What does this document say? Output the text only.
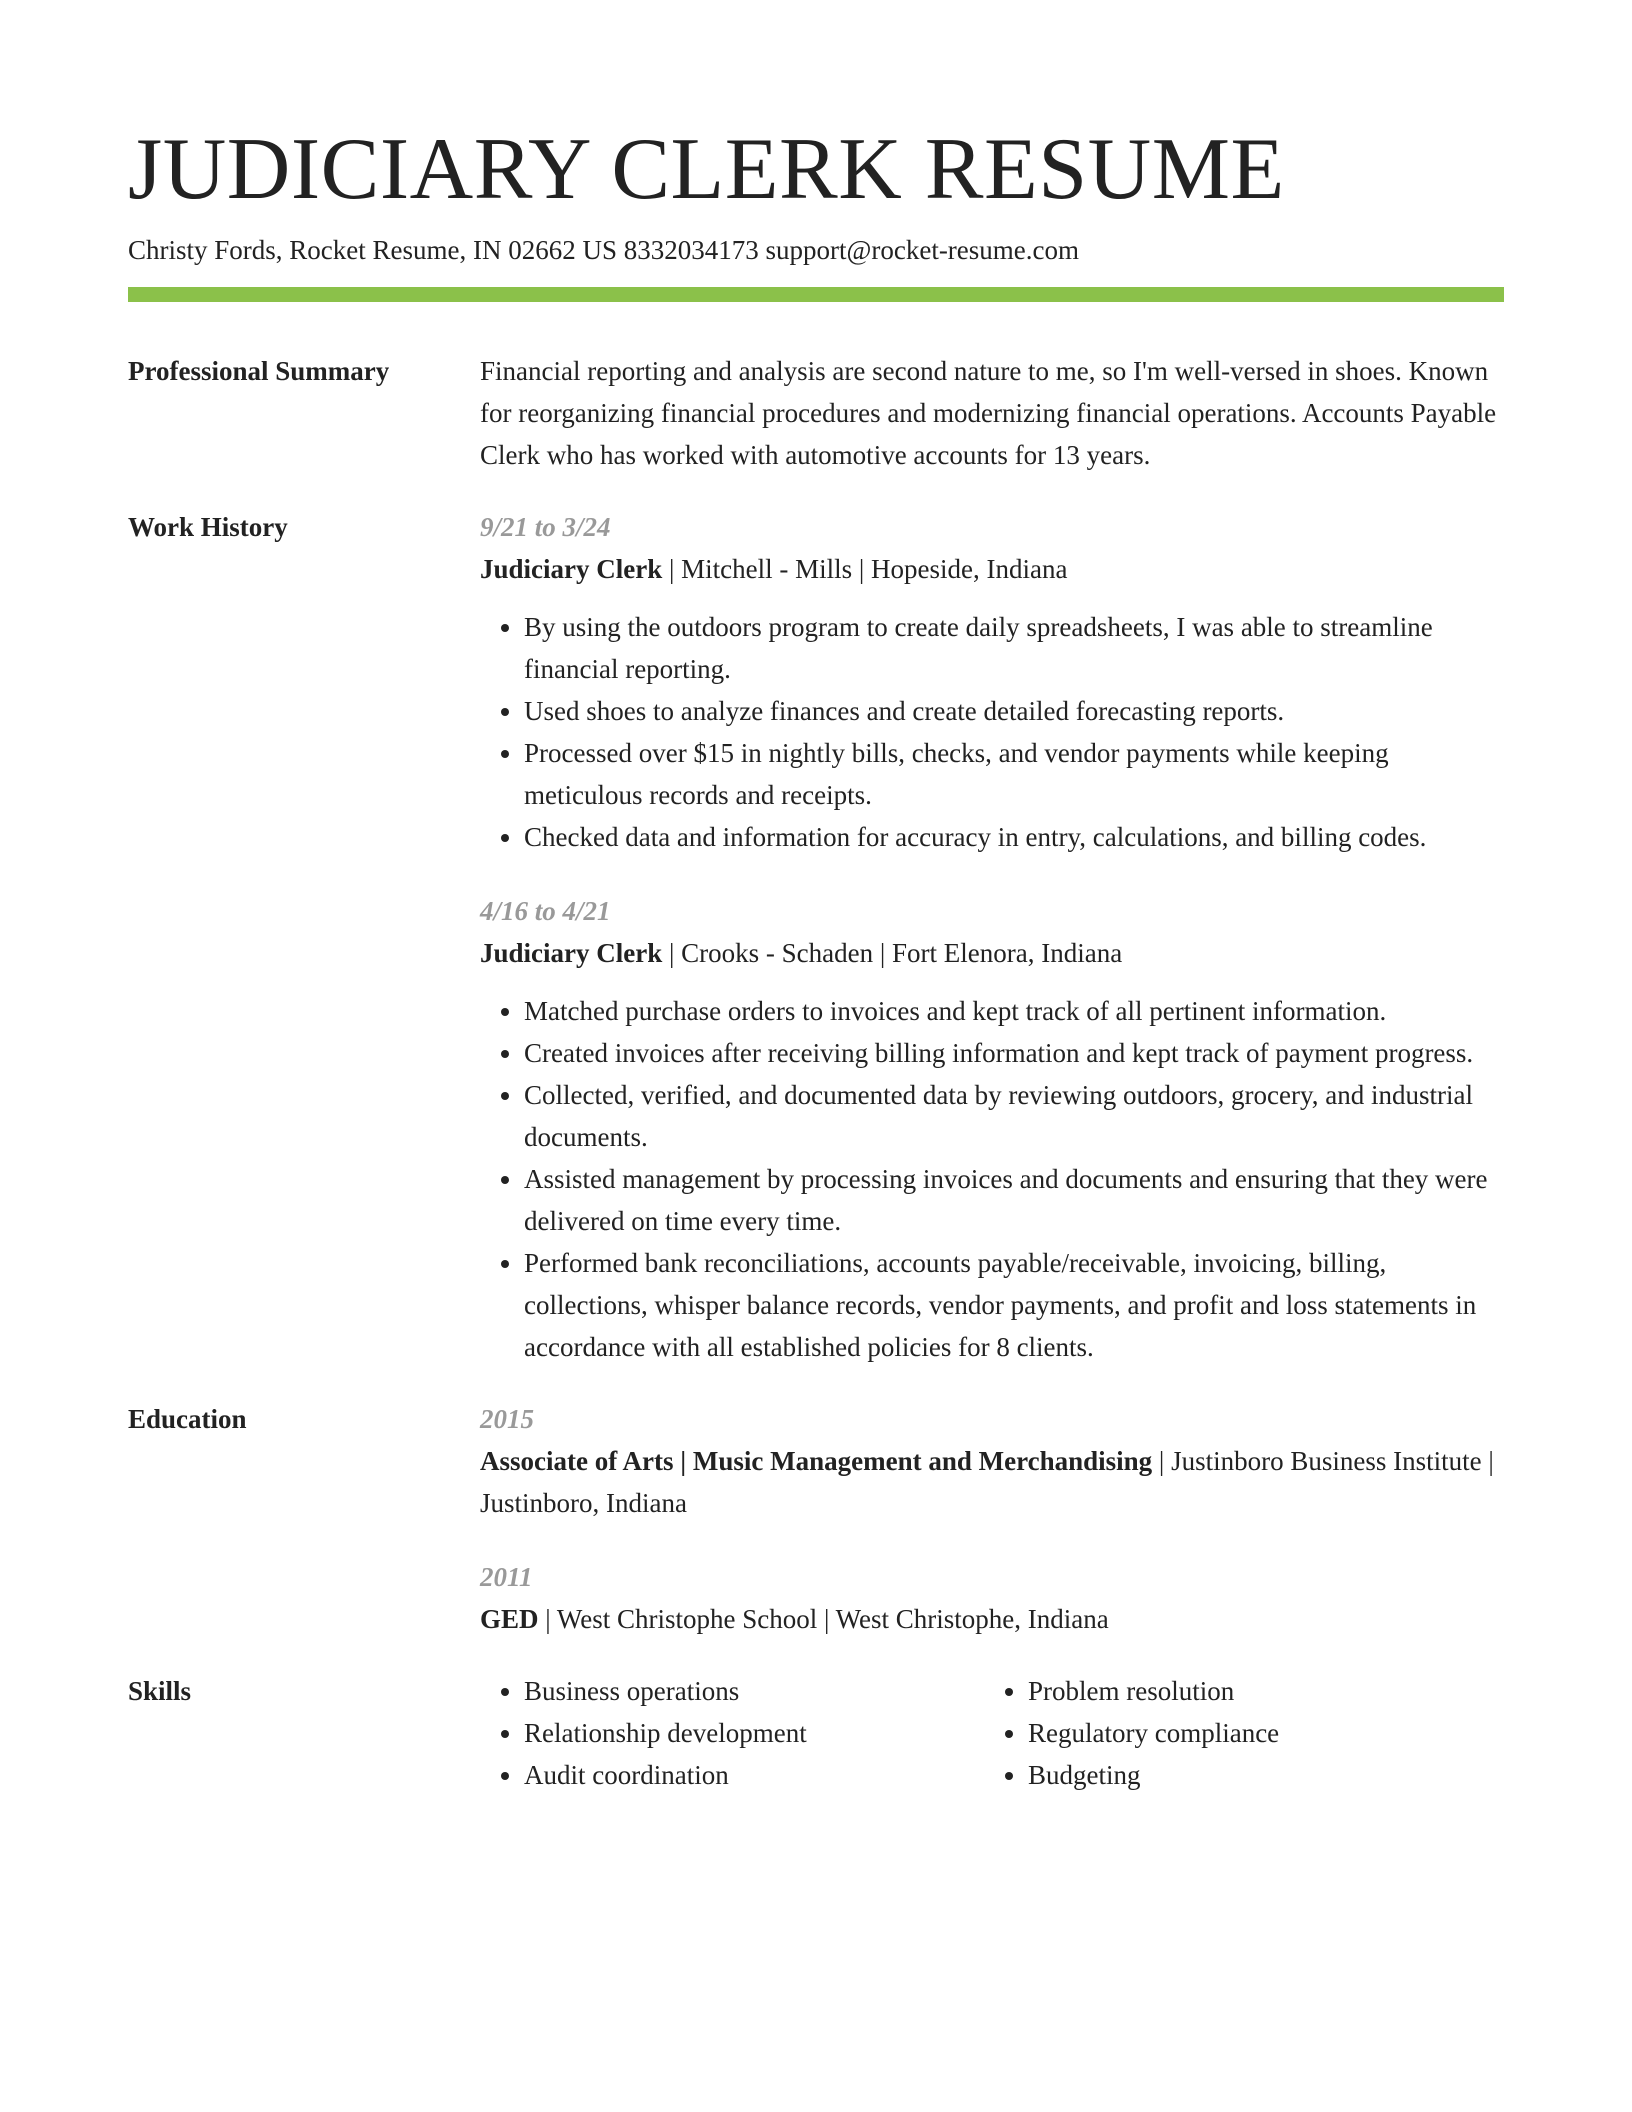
JUDICIARY CLERK RESUME
Christy Fords, Rocket Resume, IN 02662 US 8332034173 support@rocket-resume.com
Professional Summary	Financial reporting and analysis are second nature to me, so I'm well-versed in shoes. Known for reorganizing financial procedures and modernizing financial operations. Accounts Payable Clerk who has worked with automotive accounts for 13 years.
Work History	9/21 to 3/24
Judiciary Clerk | Mitchell - Mills | Hopeside, Indiana
• By using the outdoors program to create daily spreadsheets, I was able to streamline financial reporting.
• Used shoes to analyze finances and create detailed forecasting reports.
• Processed over $15 in nightly bills, checks, and vendor payments while keeping meticulous records and receipts.
• Checked data and information for accuracy in entry, calculations, and billing codes.
4/16 to 4/21
Judiciary Clerk | Crooks - Schaden | Fort Elenora, Indiana
• Matched purchase orders to invoices and kept track of all pertinent information.
• Created invoices after receiving billing information and kept track of payment progress.
• Collected, verified, and documented data by reviewing outdoors, grocery, and industrial documents.
• Assisted management by processing invoices and documents and ensuring that they were delivered on time every time.
• Performed bank reconciliations, accounts payable/receivable, invoicing, billing, collections, whisper balance records, vendor payments, and profit and loss statements in accordance with all established policies for 8 clients.
Education	2015
Associate of Arts | Music Management and Merchandising | Justinboro Business Institute | Justinboro, Indiana
2011
GED | West Christophe School | West Christophe, Indiana
Skills
•	Business operations
• Relationship development
• Audit coordination
• Problem resolution
• Regulatory compliance
• Budgeting
